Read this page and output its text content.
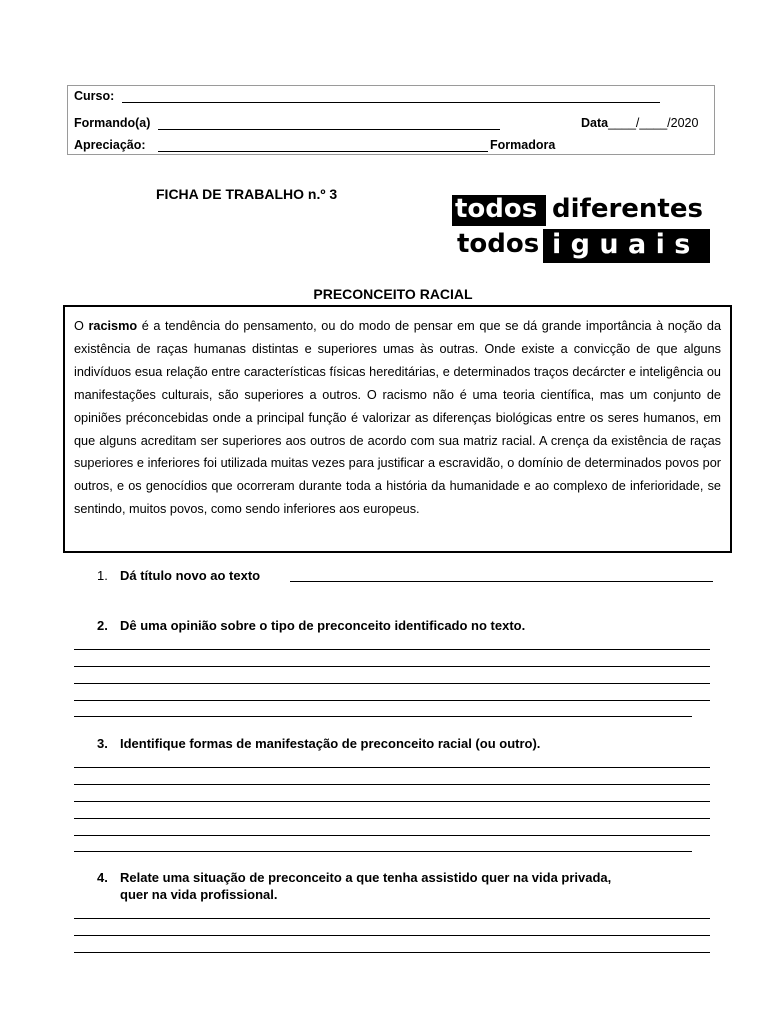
Curso:
Formando(a)	Data____/____/2020
Apreciação:	Formadora
FICHA DE TRABALHO n.º 3	todos diferentes
todos i g u a i s
PRECONCEITO RACIAL
O racismo é a tendência do pensamento, ou do modo de pensar em que se dá grande importância à noção da existência de raças humanas distintas e superiores umas às outras. Onde existe a convicção de que alguns indivíduos esua relação entre características físicas hereditárias, e determinados traços decárcter e inteligência ou manifestações culturais, são superiores a outros. O racismo não é uma teoria científica, mas um conjunto de opiniões préconcebidas onde a principal função é valorizar as diferenças biológicas entre os seres humanos, em que alguns acreditam ser superiores aos outros de acordo com sua matriz racial. A crença da existência de raças superiores e inferiores foi utilizada muitas vezes para justificar a escravidão, o domínio de determinados povos por outros, e os genocídios que ocorreram durante toda a história da humanidade e ao complexo de inferioridade, se sentindo, muitos povos, como sendo inferiores aos europeus.
1. Dá título novo ao texto
2. Dê uma opinião sobre o tipo de preconceito identificado no texto.
3. Identifique formas de manifestação de preconceito racial (ou outro).
4. Relate uma situação de preconceito a que tenha assistido quer na vida privada,
quer na vida profissional.
